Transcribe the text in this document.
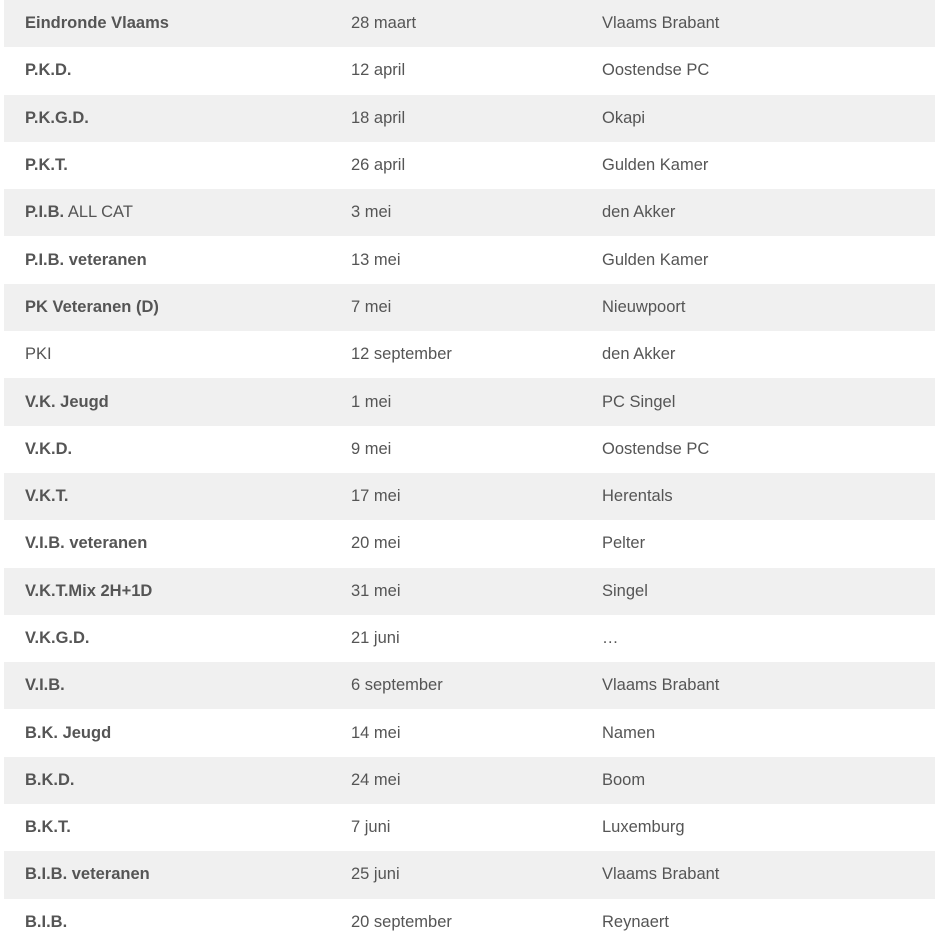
Eindronde Vlaams	28 maart	Vlaams Brabant
P.K.D.	12 april	Oostendse PC
P.K.G.D.	18 april	Okapi
P.K.T.	26 april	Gulden Kamer
P.I.B. ALL CAT	3 mei	den Akker
P.I.B. veteranen	13 mei	Gulden Kamer
PK Veteranen (D)	7 mei	Nieuwpoort
PKI	12 september	den Akker
V.K. Jeugd	1 mei	PC Singel
V.K.D.	9 mei	Oostendse PC
V.K.T.	17 mei	Herentals
V.I.B. veteranen	20 mei	Pelter
V.K.T.Mix 2H+1D	31 mei	Singel
V.K.G.D.	21 juni	…
V.I.B.	6 september	Vlaams Brabant
B.K. Jeugd	14 mei	Namen
B.K.D.	24 mei	Boom
B.K.T.	7 juni	Luxemburg
B.I.B. veteranen	25 juni	Vlaams Brabant
B.I.B.	20 september	Reynaert
